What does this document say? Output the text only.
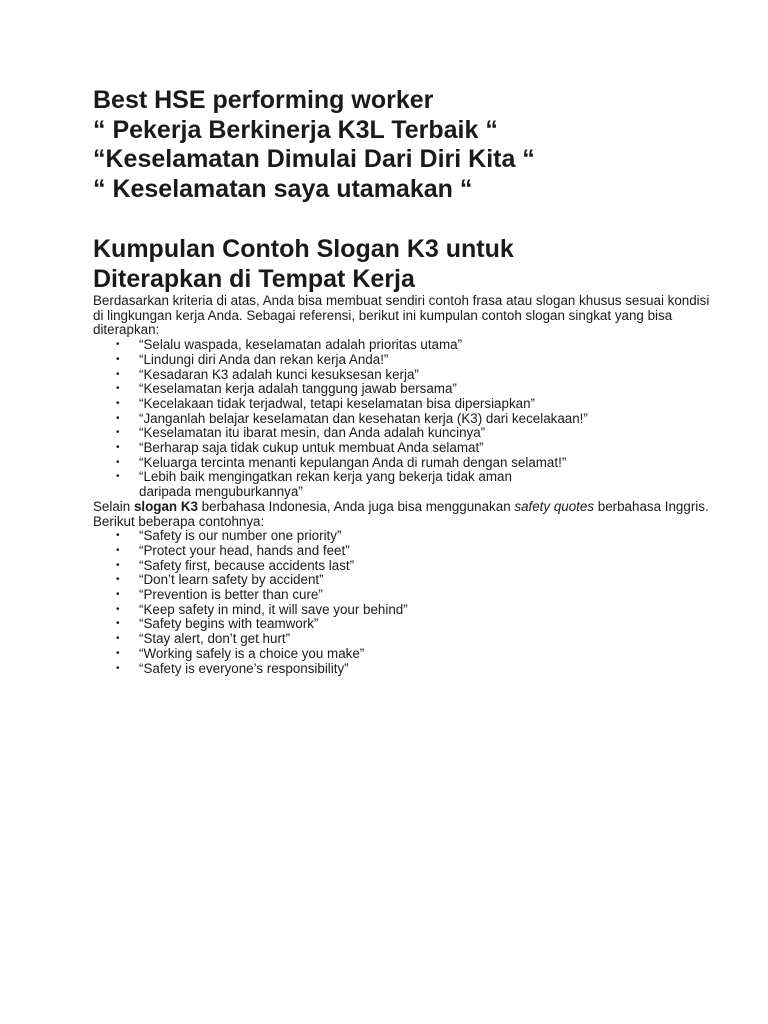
Best HSE performing worker
“ Pekerja Berkinerja K3L Terbaik “
“Keselamatan Dimulai Dari Diri Kita “
“ Keselamatan saya utamakan “
Kumpulan Contoh Slogan K3 untuk
Diterapkan di Tempat Kerja

Berdasarkan kriteria di atas, Anda bisa membuat sendiri contoh frasa atau slogan khusus sesuai kondisi di lingkungan kerja Anda. Sebagai referensi, berikut ini kumpulan contoh slogan singkat yang bisa diterapkan:

• “Selalu waspada, keselamatan adalah prioritas utama”
• “Lindungi diri Anda dan rekan kerja Anda!”
• “Kesadaran K3 adalah kunci kesuksesan kerja”
• “Keselamatan kerja adalah tanggung jawab bersama”
• “Kecelakaan tidak terjadwal, tetapi keselamatan bisa dipersiapkan”
• “Janganlah belajar keselamatan dan kesehatan kerja (K3) dari kecelakaan!”
• “Keselamatan itu ibarat mesin, dan Anda adalah kuncinya”
• “Berharap saja tidak cukup untuk membuat Anda selamat”
• “Keluarga tercinta menanti kepulangan Anda di rumah dengan selamat!”
• “Lebih baik mengingatkan rekan kerja yang bekerja tidak aman daripada menguburkannya”

Selain slogan K3 berbahasa Indonesia, Anda juga bisa menggunakan safety quotes berbahasa Inggris. Berikut beberapa contohnya:

• “Safety is our number one priority”
• “Protect your head, hands and feet”
• “Safety first, because accidents last”
• “Don’t learn safety by accident”
• “Prevention is better than cure”
• “Keep safety in mind, it will save your behind”
• “Safety begins with teamwork”
• “Stay alert, don’t get hurt”
• “Working safely is a choice you make”
• “Safety is everyone’s responsibility”
